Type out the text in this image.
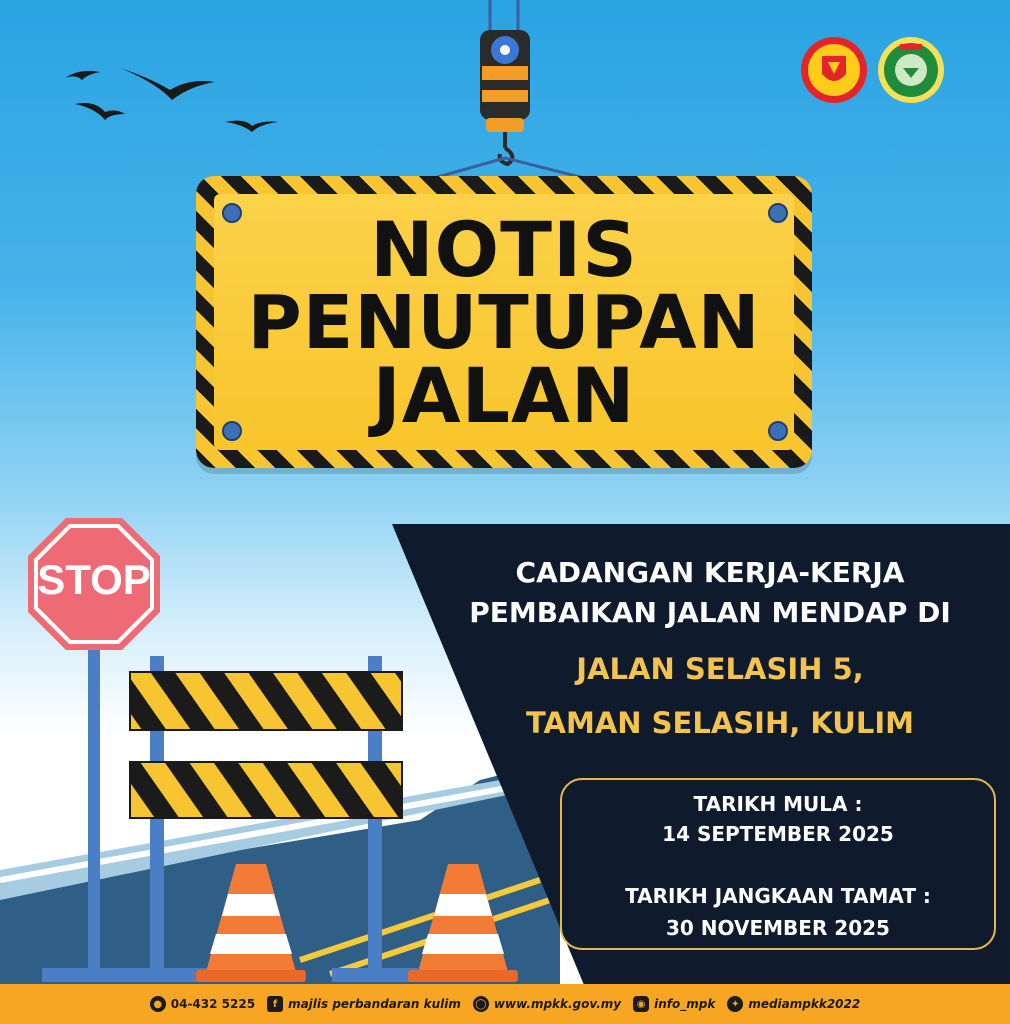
NOTIS
PENUTUPAN
JALAN
STOP	CADANGAN KERJA-KERJA
PEMBAIKAN JALAN MENDAP DI
JALAN SELASIH 5,
TAMAN SELASIH, KULIM
TARIKH MULA :
14 SEPTEMBER 2025
TARIKH JANGKAAN TAMAT :
30 NOVEMBER 2025
● 04-432 5225	f majlis perbandaran kulim ◯ www.mpkk.gov.my	◉ info_mpk	✦ mediampkk2022
